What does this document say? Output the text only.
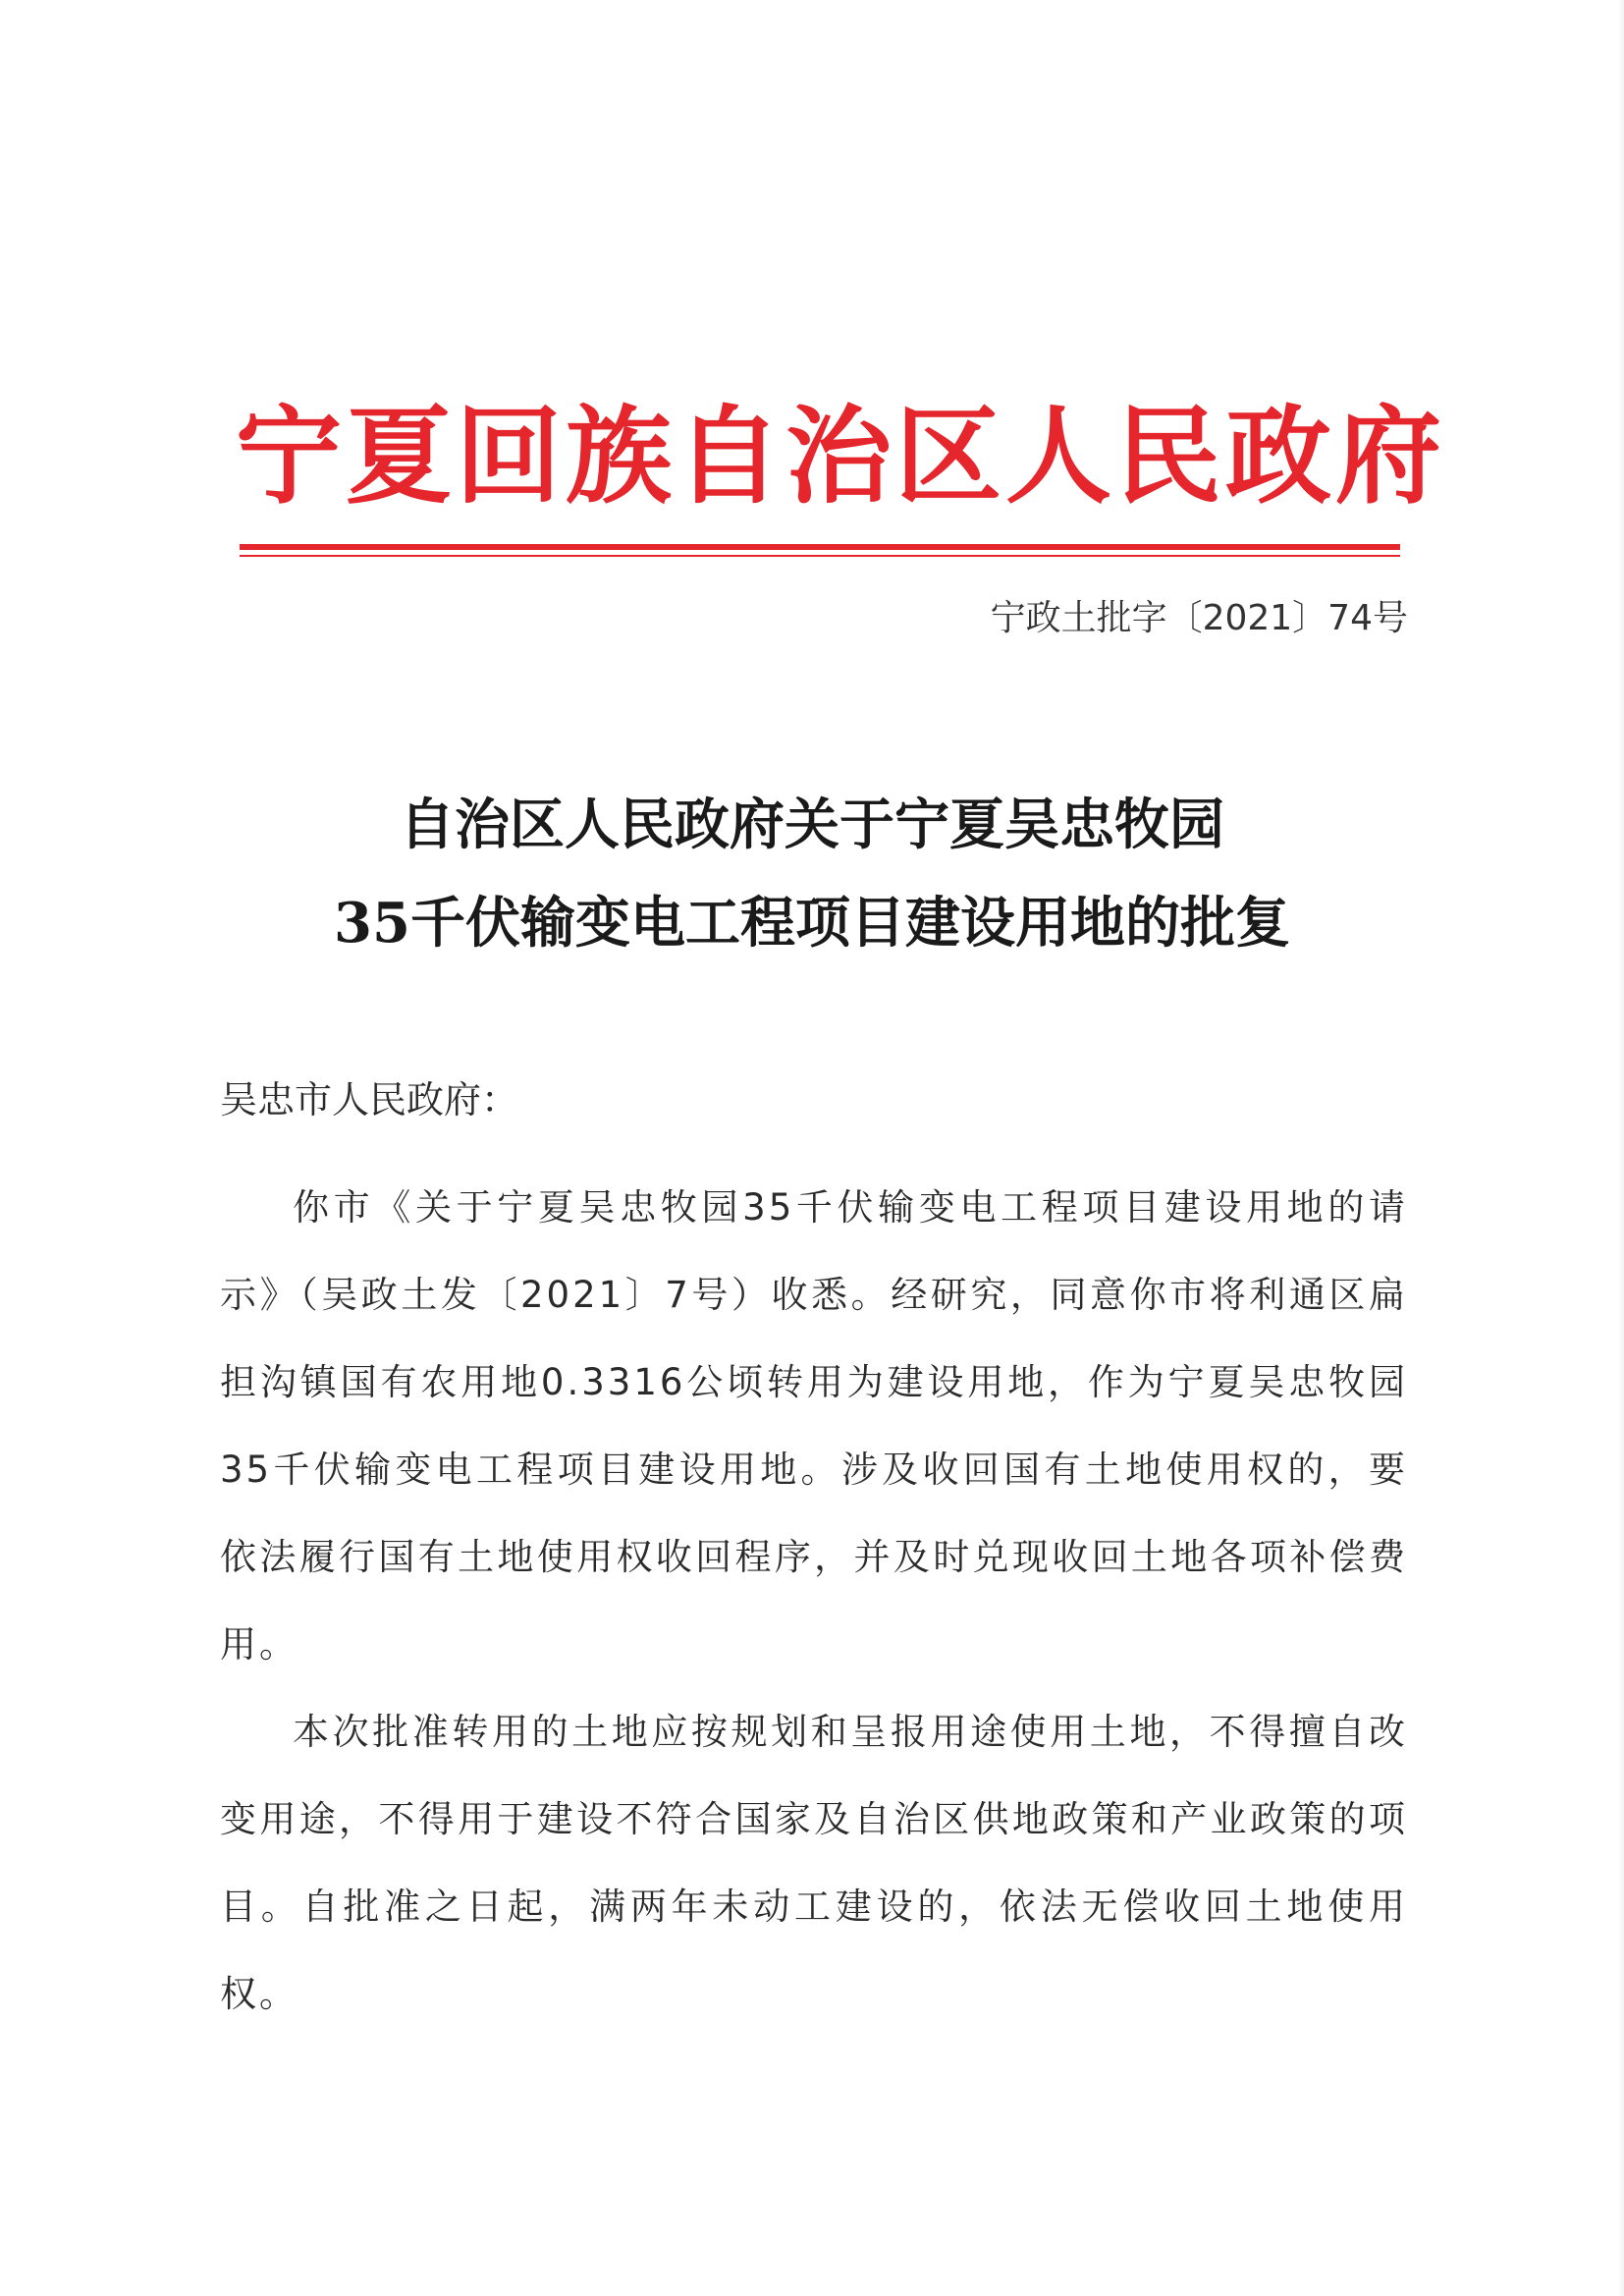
宁夏回族自治区人民政府
宁政土批字〔2021〕74号
自治区人民政府关于宁夏吴忠牧园
35千伏输变电工程项目建设用地的批复
吴忠市人民政府：

你市《关于宁夏吴忠牧园35千伏输变电工程项目建设用地的请示》（吴政土发〔2021〕7号）收悉。经研究，同意你市将利通区扁担沟镇国有农用地0.3316公顷转用为建设用地，作为宁夏吴忠牧园35千伏输变电工程项目建设用地。涉及收回国有土地使用权的，要依法履行国有土地使用权收回程序，并及时兑现收回土地各项补偿费用。

本次批准转用的土地应按规划和呈报用途使用土地，不得擅自改变用途，不得用于建设不符合国家及自治区供地政策和产业政策的项目。自批准之日起，满两年未动工建设的，依法无偿收回土地使用权。
